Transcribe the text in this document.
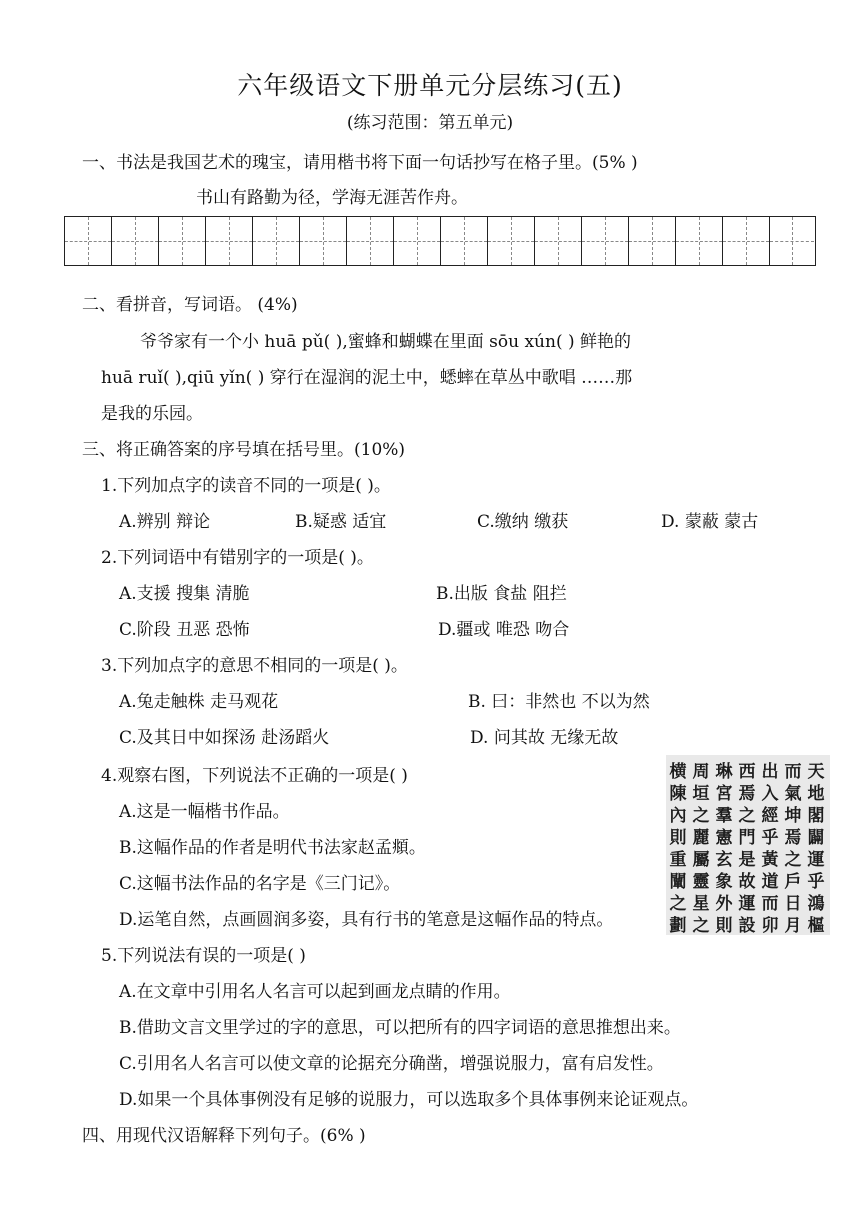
六年级语文下册单元分层练习(五)
(练习范围：第五单元)
一、书法是我国艺术的瑰宝，请用楷书将下面一句话抄写在格子里。(5% )
书山有路勤为径，学海无涯苦作舟。
二、看拼音，写词语。 (4%)
爷爷家有一个小 huā pǔ( ),蜜蜂和蝴蝶在里面 sōu xún( ) 鲜艳的
huā ruǐ( ),qiū yǐn( ) 穿行在湿润的泥土中，蟋蟀在草丛中歌唱 ……那
是我的乐园。
三、将正确答案的序号填在括号里。(10%)
1.下列加点字的读音不同的一项是( )。
A.辨别 辩论	B.疑惑 适宜	C.缴纳 缴获	D. 蒙蔽 蒙古
2.下列词语中有错别字的一项是( )。
A.支援 搜集 清脆	B.出版 食盐 阻拦
C.阶段 丑恶 恐怖	D.疆或 唯恐 吻合
3.下列加点字的意思不相同的一项是( )。
A.兔走触株 走马观花	B. 曰：非然也 不以为然
C.及其日中如探汤 赴汤蹈火	D. 问其故 无缘无故
4.观察右图，下列说法不正确的一项是( )
A.这是一幅楷书作品。
B.这幅作品的作者是明代书法家赵孟頫。
C.这幅书法作品的名字是《三门记》。
D.运笔自然，点画圆润多姿，具有行书的笔意是这幅作品的特点。
天地閣闢運乎鴻樞
而氣坤焉之戶日月
出入經乎黃道而卯
西焉之門是故運設
琳宮羣憲玄象外則
周垣之麗屬靈星之
横陳內則重闡之劃
5.下列说法有误的一项是( )
A.在文章中引用名人名言可以起到画龙点睛的作用。
B.借助文言文里学过的字的意思，可以把所有的四字词语的意思推想出来。
C.引用名人名言可以使文章的论据充分确凿，增强说服力，富有启发性。
D.如果一个具体事例没有足够的说服力，可以选取多个具体事例来论证观点。
四、用现代汉语解释下列句子。(6% )
